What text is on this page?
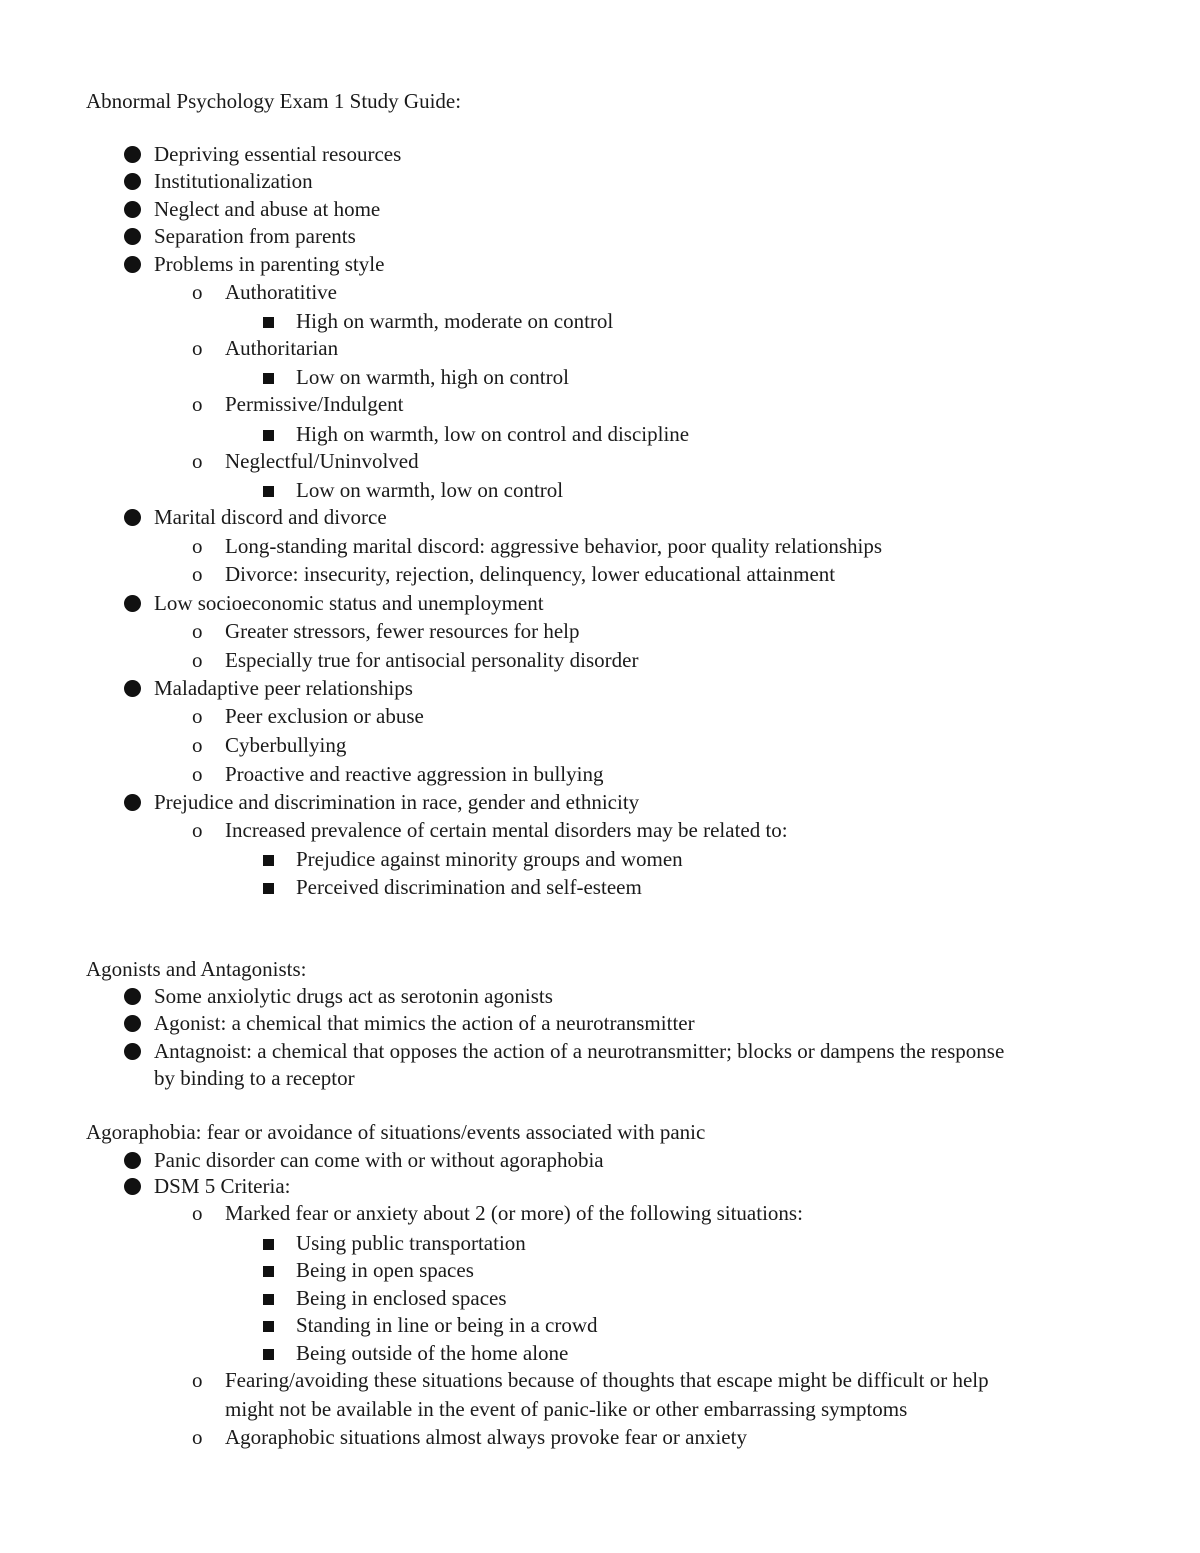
Abnormal Psychology Exam 1 Study Guide:
Depriving essential resources
Institutionalization
Neglect and abuse at home
Separation from parents
Problems in parenting style
o	Authoratitive
High on warmth, moderate on control
o	Authoritarian
Low on warmth, high on control
o	Permissive/Indulgent
High on warmth, low on control and discipline
o	Neglectful/Uninvolved
Low on warmth, low on control
Marital discord and divorce
o	Long-standing marital discord: aggressive behavior, poor quality relationships
o	Divorce: insecurity, rejection, delinquency, lower educational attainment
Low socioeconomic status and unemployment
o	Greater stressors, fewer resources for help
o	Especially true for antisocial personality disorder
Maladaptive peer relationships
o	Peer exclusion or abuse
o	Cyberbullying
o	Proactive and reactive aggression in bullying
Prejudice and discrimination in race, gender and ethnicity
o	Increased prevalence of certain mental disorders may be related to:
Prejudice against minority groups and women
Perceived discrimination and self-esteem
Agonists and Antagonists:
Some anxiolytic drugs act as serotonin agonists
Agonist: a chemical that mimics the action of a neurotransmitter
Antagnoist: a chemical that opposes the action of a neurotransmitter; blocks or dampens the response
by binding to a receptor
Agoraphobia: fear or avoidance of situations/events associated with panic
Panic disorder can come with or without agoraphobia
DSM 5 Criteria:
o	Marked fear or anxiety about 2 (or more) of the following situations:
Using public transportation
Being in open spaces
Being in enclosed spaces
Standing in line or being in a crowd
Being outside of the home alone
o	Fearing/avoiding these situations because of thoughts that escape might be difficult or help
might not be available in the event of panic-like or other embarrassing symptoms
o	Agoraphobic situations almost always provoke fear or anxiety
